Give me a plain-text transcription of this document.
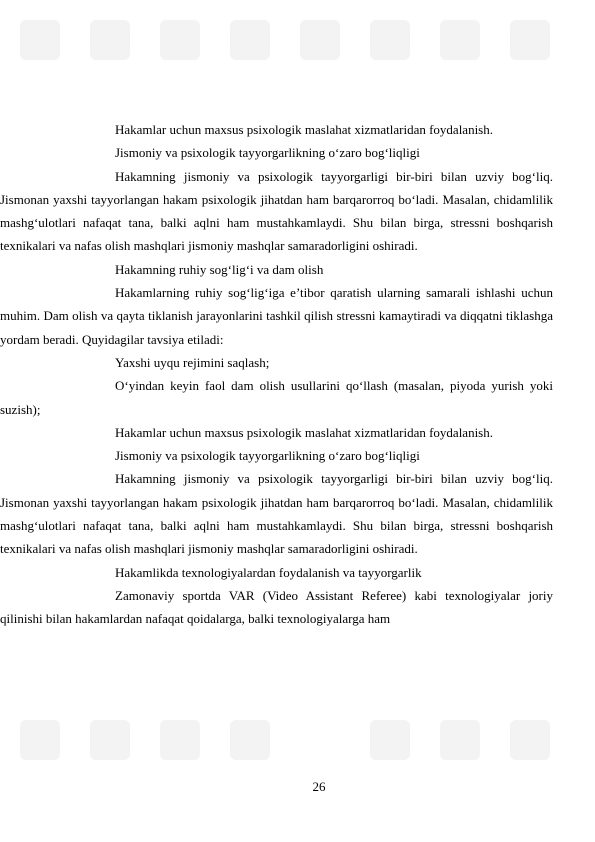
Hakamlar uchun maxsus psixologik maslahat xizmatlaridan foydalanish.

Jismoniy va psixologik tayyorgarlikning o‘zaro bog‘liqligi

Hakamning jismoniy va psixologik tayyorgarligi bir-biri bilan uzviy bog‘liq. Jismonan yaxshi tayyorlangan hakam psixologik jihatdan ham barqarorroq bo‘ladi. Masalan, chidamlilik mashg‘ulotlari nafaqat tana, balki aqlni ham mustahkamlaydi. Shu bilan birga, stressni boshqarish texnikalari va nafas olish mashqlari jismoniy mashqlar samaradorligini oshiradi.

Hakamning ruhiy sog‘lig‘i va dam olish

Hakamlarning ruhiy sog‘lig‘iga e’tibor qaratish ularning samarali ishlashi uchun muhim. Dam olish va qayta tiklanish jarayonlarini tashkil qilish stressni kamaytiradi va diqqatni tiklashga yordam beradi. Quyidagilar tavsiya etiladi:

Yaxshi uyqu rejimini saqlash;

O‘yindan keyin faol dam olish usullarini qo‘llash (masalan, piyoda yurish yoki suzish);

Hakamlar uchun maxsus psixologik maslahat xizmatlaridan foydalanish.

Jismoniy va psixologik tayyorgarlikning o‘zaro bog‘liqligi

Hakamning jismoniy va psixologik tayyorgarligi bir-biri bilan uzviy bog‘liq. Jismonan yaxshi tayyorlangan hakam psixologik jihatdan ham barqarorroq bo‘ladi. Masalan, chidamlilik mashg‘ulotlari nafaqat tana, balki aqlni ham mustahkamlaydi. Shu bilan birga, stressni boshqarish texnikalari va nafas olish mashqlari jismoniy mashqlar samaradorligini oshiradi.

Hakamlikda texnologiyalardan foydalanish va tayyorgarlik

Zamonaviy sportda VAR (Video Assistant Referee) kabi texnologiyalar joriy qilinishi bilan hakamlardan nafaqat qoidalarga, balki texnologiyalarga ham

26
